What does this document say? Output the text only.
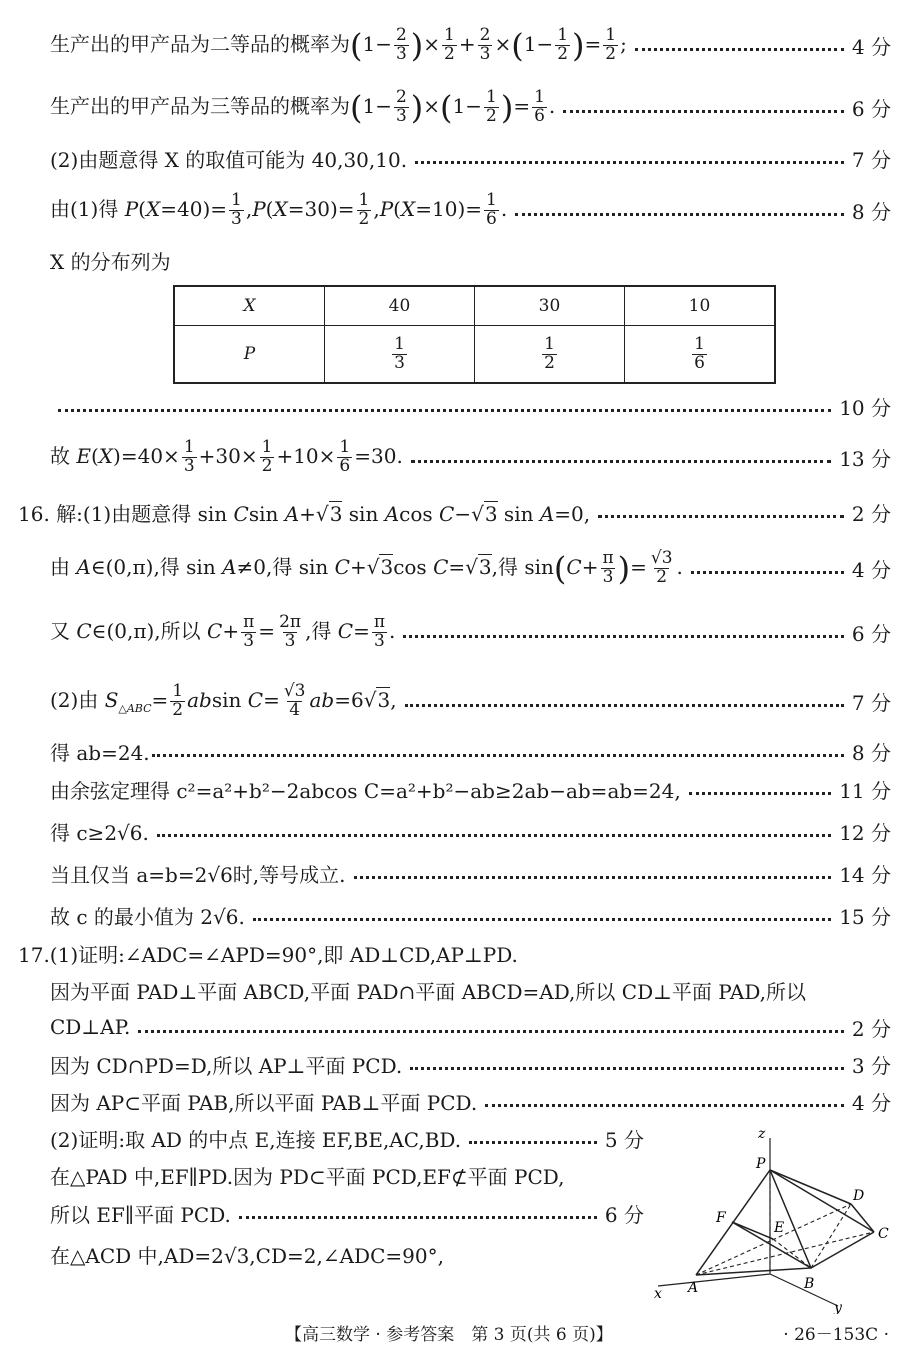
生产出的甲产品为二等品的概率为($1- \frac{2}{3}$ )× $\frac{1}{2} + \frac{2}{3} \times(1- \frac{1}{2}$ )= $\frac{1}{2}$ ;	4 分
生产出的甲产品为三等品的概率为$(1- \frac{2}{3} )\times(1- \frac{1}{2}$ )= $\frac{1}{6}$ .	6 分
(2)由题意得 X 的取值可能为 40,30,10.	7 分
由(1)得 $P(X=40)= \frac{1}{3} ,P(X=30)= \frac{1}{2} ,P(X=10)= \frac{1}{6}$ .	8 分
X 的分布列为
X	40	30	10
P	$\frac{1}{3}$	$\frac{1}{2}$	$\frac{1}{6}$
10 分
故 $E(X)=40\times \frac{1}{3} +30\times \frac{1}{2} +10\times \frac{1}{6} =30$.	13 分
16. 解:(1)由题意得 sin Csin A+√3 sin Acos C−√3 sin A=0,	2 分
由 A∈(0,π),得 sin A≠0,得 sin C+√3cos C=√3,得 $\sin(C+ \frac{\pi}{3}$ )= $\frac{√3}{2}$ .	4 分
又 C∈(0,π),所以 $C+ \frac{\pi}{3} = \frac{2\pi}{3}$ ,得 $C= \frac{\pi}{3}$ .	6 分
(2)由 $S_{\triangle ABC}= \frac{1}{2}$ absin $C= \frac{√3}{4} ab=6√3$,	7 分
得 ab=24.	8 分
由余弦定理得 c²=a²+b²−2abcos C=a²+b²−ab≥2ab−ab=ab=24,	11 分
得 c≥2√6.	12 分
当且仅当 a=b=2√6时,等号成立.	14 分
故 c 的最小值为 2√6.	15 分
17.(1)证明:∠ADC=∠APD=90°,即 AD⊥CD,AP⊥PD.
因为平面 PAD⊥平面 ABCD,平面 PAD∩平面 ABCD=AD,所以 CD⊥平面 PAD,所以
CD⊥AP.	2 分
因为 CD∩PD=D,所以 AP⊥平面 PCD.	3 分
因为 AP⊂平面 PAB,所以平面 PAB⊥平面 PCD.	4 分
(2)证明:取 AD 的中点 E,连接 EF,BE,AC,BD.	5 分
在△PAD 中,EF∥PD.因为 PD⊂平面 PCD,EF⊄平面 PCD,
所以 EF∥平面 PCD.	6 分
在△ACD 中,AD=2√3,CD=2,∠ADC=90°,
z
P
D
C
F
E
A	B
x
y
【高三数学 · 参考答案　第 3 页(共 6 页)】	· 26－153C ·
